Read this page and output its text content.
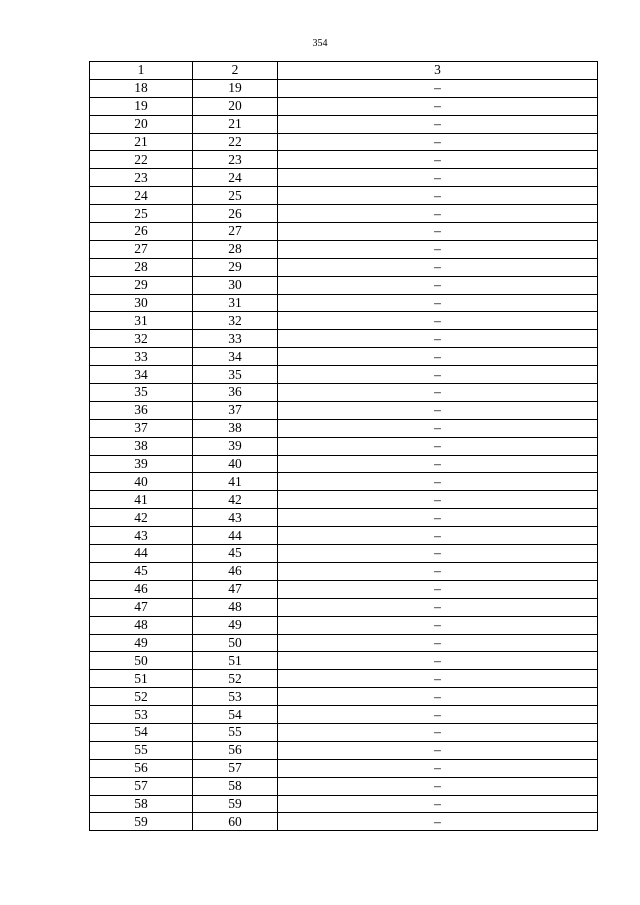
354
1	2	3
18	19	–
19	20	–
20	21	–
21	22	–
22	23	–
23	24	–
24	25	–
25	26	–
26	27	–
27	28	–
28	29	–
29	30	–
30	31	–
31	32	–
32	33	–
33	34	–
34	35	–
35	36	–
36	37	–
37	38	–
38	39	–
39	40	–
40	41	–
41	42	–
42	43	–
43	44	–
44	45	–
45	46	–
46	47	–
47	48	–
48	49	–
49	50	–
50	51	–
51	52	–
52	53	–
53	54	–
54	55	–
55	56	–
56	57	–
57	58	–
58	59	–
59	60	–
